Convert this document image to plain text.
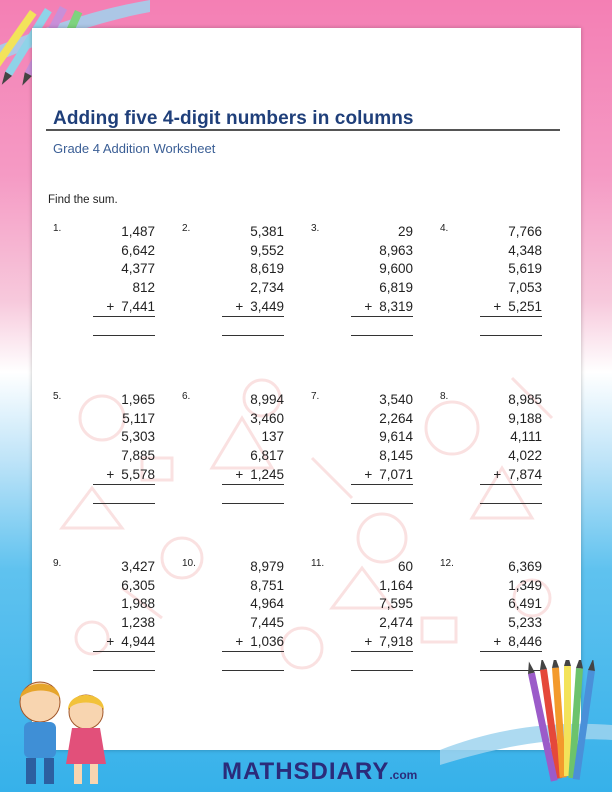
Adding five 4-digit numbers in columns
Grade 4 Addition Worksheet
Find the sum.
1.	1,487
6,642
4,377
812
+ 7,441
2.	5,381
9,552
8,619
2,734
+ 3,449
3.	29
8,963
9,600
6,819
+ 8,319
4.	7,766
4,348
5,619
7,053
+ 5,251
5.	1,965
5,117
5,303
7,885
+ 5,578
6.	8,994
3,460
137
6,817
+ 1,245
7.	3,540
2,264
9,614
8,145
+ 7,071
8.	8,985
9,188
4,111
4,022
+ 7,874
9.	3,427
6,305
1,988
1,238
+ 4,944
10.	8,979
8,751
4,964
7,445
+ 1,036
11.	60
1,164
7,595
2,474
+ 7,918
12.	6,369
1,349
6,491
5,233
+ 8,446
MATHSDIARY.com
